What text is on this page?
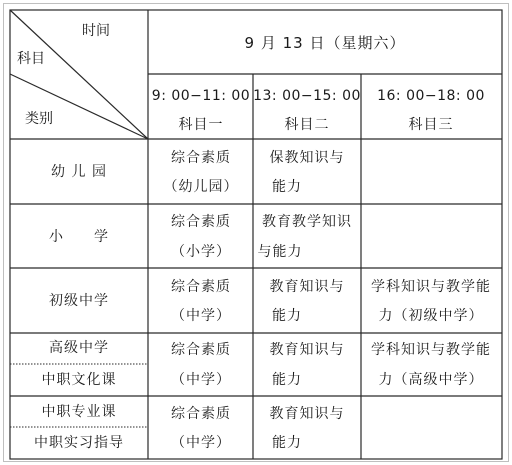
时间
科目
类别
9 月 13 日（星期六）
9: 00−11: 00 13: 00−15: 00 16: 00−18: 00
科目一	科目二	科目三
幼 儿 园
综合素质
（幼儿园）
保教知识与
能力
小　　学
综合素质
（小学）
教育教学知识
与能力
初级中学
综合素质
（中学）
教育知识与
能力
学科知识与教学能
力（初级中学）
高级中学
中职文化课
综合素质
（中学）
教育知识与
能力
学科知识与教学能
力（高级中学）
中职专业课
中职实习指导
综合素质
（中学）
教育知识与
能力
